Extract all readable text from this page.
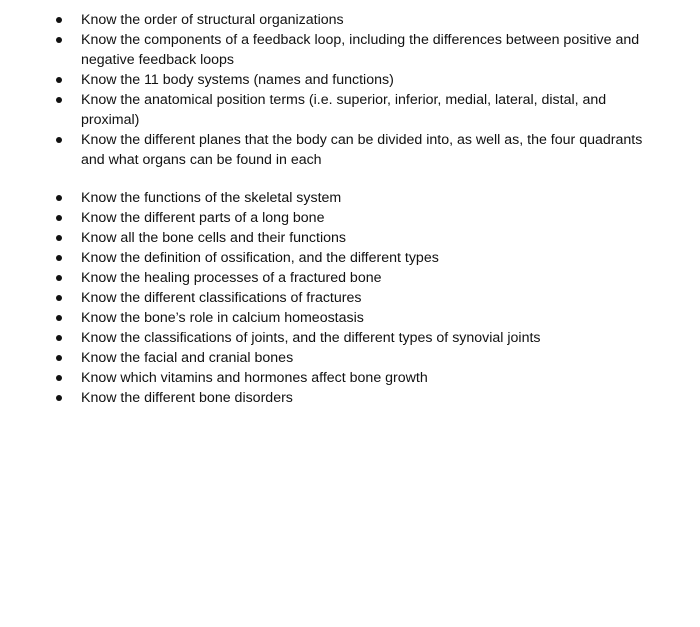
Know the order of structural organizations
Know the components of a feedback loop, including the differences between positive and negative feedback loops
Know the 11 body systems (names and functions)
Know the anatomical position terms (i.e. superior, inferior, medial, lateral, distal, and proximal)
Know the different planes that the body can be divided into, as well as, the four quadrants and what organs can be found in each
Know the functions of the skeletal system
Know the different parts of a long bone
Know all the bone cells and their functions
Know the definition of ossification, and the different types
Know the healing processes of a fractured bone
Know the different classifications of fractures
Know the bone’s role in calcium homeostasis
Know the classifications of joints, and the different types of synovial joints
Know the facial and cranial bones
Know which vitamins and hormones affect bone growth
Know the different bone disorders
